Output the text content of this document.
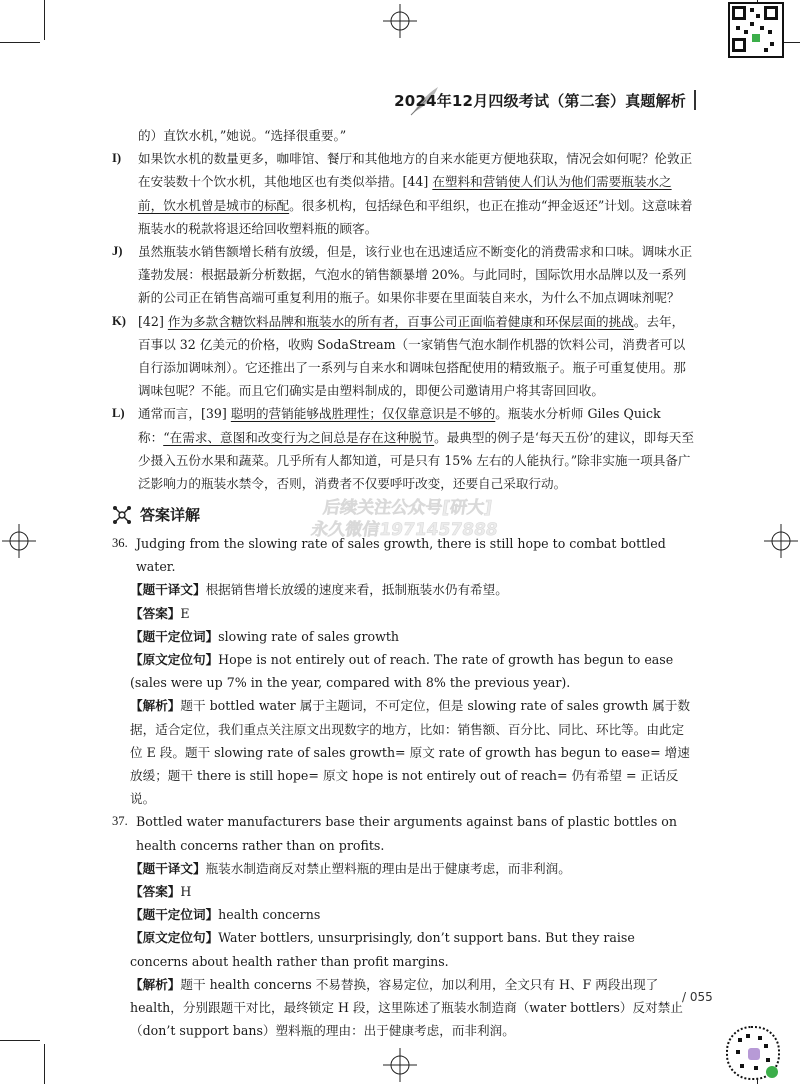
2024年12月四级考试（第二套）真题解析
的）直饮水机，”她说。“选择很重要。”
I) 如果饮水机的数量更多，咖啡馆、餐厅和其他地方的自来水能更方便地获取，情况会如何呢？伦敦正在安装数十个饮水机，其他地区也有类似举措。[44] 在塑料和营销使人们认为他们需要瓶装水之前，饮水机曾是城市的标配。很多机构，包括绿色和平组织，也正在推动“押金返还”计划。这意味着瓶装水的税款将退还给回收塑料瓶的顾客。
J) 虽然瓶装水销售额增长稍有放缓，但是，该行业也在迅速适应不断变化的消费需求和口味。调味水正蓬勃发展：根据最新分析数据，气泡水的销售额暴增 20%。与此同时，国际饮用水品牌以及一系列新的公司正在销售高端可重复利用的瓶子。如果你非要在里面装自来水，为什么不加点调味剂呢？
K) [42] 作为多款含糖饮料品牌和瓶装水的所有者，百事公司正面临着健康和环保层面的挑战。去年，百事以 32 亿美元的价格，收购 SodaStream（一家销售气泡水制作机器的饮料公司，消费者可以自行添加调味剂）。它还推出了一系列与自来水和调味包搭配使用的精致瓶子。瓶子可重复使用。那调味包呢？不能。而且它们确实是由塑料制成的，即便公司邀请用户将其寄回回收。
L) 通常而言，[39] 聪明的营销能够战胜理性；仅仅靠意识是不够的。瓶装水分析师 Giles Quick 称：“在需求、意图和改变行为之间总是存在这种脱节。最典型的例子是‘每天五份’的建议，即每天至少摄入五份水果和蔬菜。几乎所有人都知道，可是只有 15% 左右的人能执行。”除非实施一项具备广泛影响力的瓶装水禁令，否则，消费者不仅要呼吁改变，还要自己采取行动。
答案详解	后续关注公众号[研大]
永久微信1971457888
36. Judging from the slowing rate of sales growth, there is still hope to combat bottled water.
【题干译文】根据销售增长放缓的速度来看，抵制瓶装水仍有希望。
【答案】E
【题干定位词】slowing rate of sales growth
【原文定位句】Hope is not entirely out of reach. The rate of growth has begun to ease (sales were up 7% in the year, compared with 8% the previous year).
【解析】题干 bottled water 属于主题词，不可定位，但是 slowing rate of sales growth 属于数据，适合定位，我们重点关注原文出现数字的地方，比如：销售额、百分比、同比、环比等。由此定位 E 段。题干 slowing rate of sales growth= 原文 rate of growth has begun to ease= 增速放缓；题干 there is still hope= 原文 hope is not entirely out of reach= 仍有希望 = 正话反说。
37. Bottled water manufacturers base their arguments against bans of plastic bottles on health concerns rather than on profits.
【题干译文】瓶装水制造商反对禁止塑料瓶的理由是出于健康考虑，而非利润。
【答案】H
【题干定位词】health concerns
【原文定位句】Water bottlers, unsurprisingly, don’t support bans. But they raise concerns about health rather than profit margins.
【解析】题干 health concerns 不易替换，容易定位，加以利用，全文只有 H、F 两段出现了 health，分别跟题干对比，最终锁定 H 段，这里陈述了瓶装水制造商（water bottlers）反对禁止（don’t support bans）塑料瓶的理由：出于健康考虑，而非利润。
/ 055
